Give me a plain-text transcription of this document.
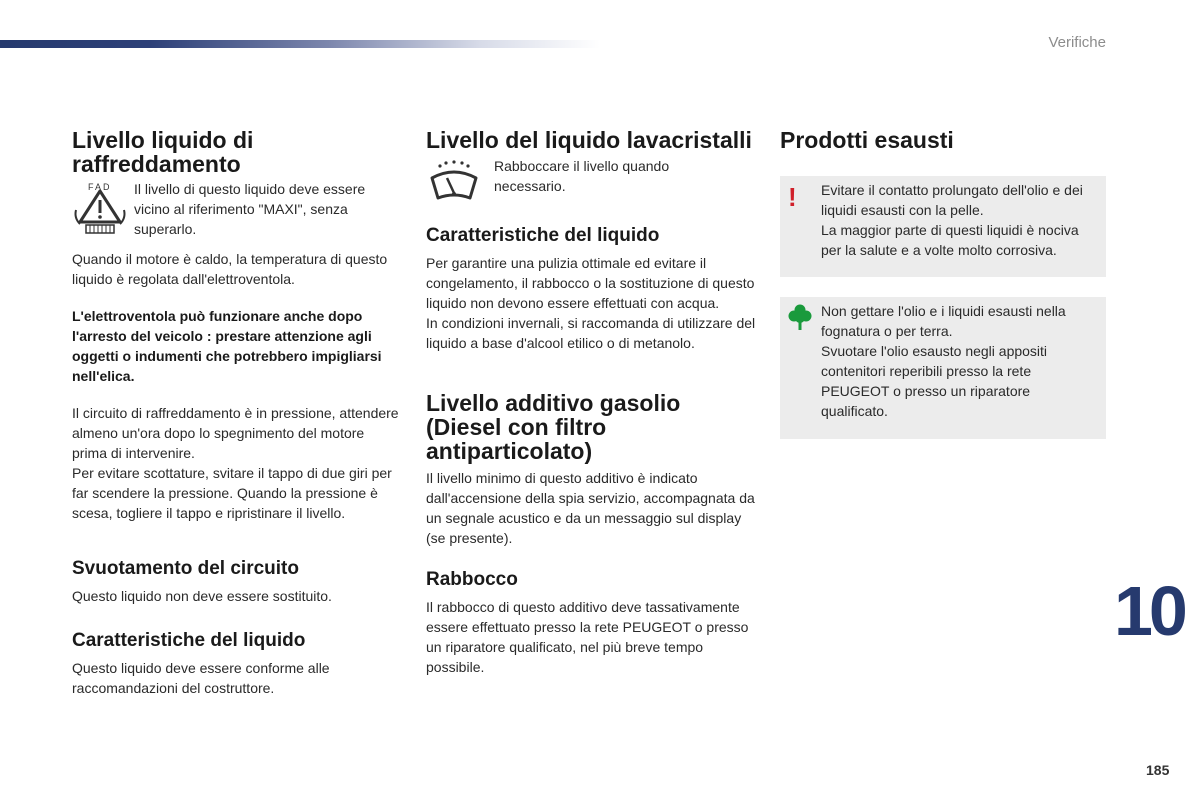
Verifiche
Livello liquido di raffreddamento
F A D Il livello di questo liquido deve essere vicino al riferimento "MAXI", senza superarlo.

Quando il motore è caldo, la temperatura di questo liquido è regolata dall'elettroventola.

L'elettroventola può funzionare anche dopo l'arresto del veicolo : prestare attenzione agli oggetti o indumenti che potrebbero impigliarsi nell'elica.

Il circuito di raffreddamento è in pressione, attendere almeno un'ora dopo lo spegnimento del motore prima di intervenire.

Per evitare scottature, svitare il tappo di due giri per far scendere la pressione. Quando la pressione è scesa, togliere il tappo e ripristinare il livello.

Svuotamento del circuito

Questo liquido non deve essere sostituito.

Caratteristiche del liquido

Questo liquido deve essere conforme alle raccomandazioni del costruttore.

Livello del liquido lavacristalli

Rabboccare il livello quando necessario.

Caratteristiche del liquido

Per garantire una pulizia ottimale ed evitare il congelamento, il rabbocco o la sostituzione di questo liquido non devono essere effettuati con acqua.

In condizioni invernali, si raccomanda di utilizzare del liquido a base d'alcool etilico o di metanolo.

Livello additivo gasolio (Diesel con filtro antiparticolato)

Il livello minimo di questo additivo è indicato dall'accensione della spia servizio, accompagnata da un segnale acustico e da un messaggio sul display (se presente).

Rabbocco

Il rabbocco di questo additivo deve tassativamente essere effettuato presso la rete PEUGEOT o presso un riparatore qualificato, nel più breve tempo possibile.

Prodotti esausti
! Evitare il contatto prolungato dell'olio e dei liquidi esausti con la pelle.

La maggior parte di questi liquidi è nociva per la salute e a volte molto corrosiva.

Non gettare l'olio e i liquidi esausti nella fognatura o per terra.

Svuotare l'olio esausto negli appositi contenitori reperibili presso la rete PEUGEOT o presso un riparatore qualificato.

10
185
